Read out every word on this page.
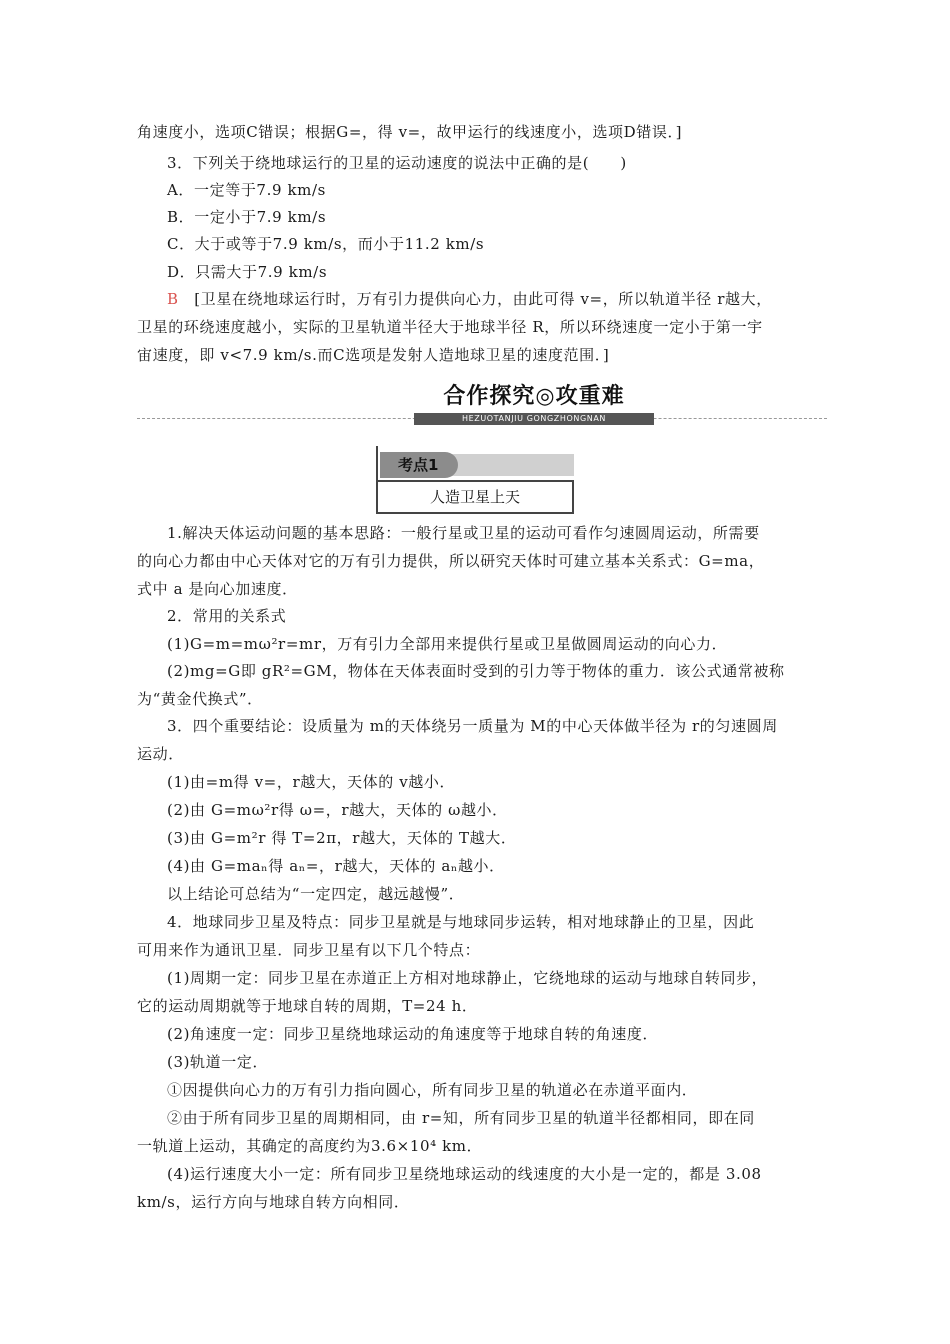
角速度小，选项C错误；根据G=，得 v=，故甲运行的线速度小，选项D错误．]
3．下列关于绕地球运行的卫星的运动速度的说法中正确的是(　　)
A．一定等于7.9 km/s
B．一定小于7.9 km/s
C．大于或等于7.9 km/s，而小于11.2 km/s
D．只需大于7.9 km/s
B　[卫星在绕地球运行时，万有引力提供向心力，由此可得 v=，所以轨道半径 r越大，
卫星的环绕速度越小，实际的卫星轨道半径大于地球半径 R，所以环绕速度一定小于第一宇
宙速度，即 v<7.9 km/s.而C选项是发射人造地球卫星的速度范围．]
合作探究◎攻重难
HEZUOTANJIU GONGZHONGNAN
考点1
人造卫星上天
1.解决天体运动问题的基本思路：一般行星或卫星的运动可看作匀速圆周运动，所需要
的向心力都由中心天体对它的万有引力提供，所以研究天体时可建立基本关系式：G=ma，
式中 a 是向心加速度．
2．常用的关系式
(1)G=m=mω²r=mr，万有引力全部用来提供行星或卫星做圆周运动的向心力．
(2)mg=G即 gR²=GM，物体在天体表面时受到的引力等于物体的重力．该公式通常被称
为“黄金代换式”．
3．四个重要结论：设质量为 m的天体绕另一质量为 M的中心天体做半径为 r的匀速圆周
运动．
(1)由=m得 v=，r越大，天体的 v越小．
(2)由 G=mω²r得 ω=，r越大，天体的 ω越小．
(3)由 G=m²r 得 T=2π，r越大，天体的 T越大．
(4)由 G=maₙ得 aₙ=，r越大，天体的 aₙ越小．
以上结论可总结为“一定四定，越远越慢”．
4．地球同步卫星及特点：同步卫星就是与地球同步运转，相对地球静止的卫星，因此
可用来作为通讯卫星．同步卫星有以下几个特点：
(1)周期一定：同步卫星在赤道正上方相对地球静止，它绕地球的运动与地球自转同步，
它的运动周期就等于地球自转的周期，T=24 h．
(2)角速度一定：同步卫星绕地球运动的角速度等于地球自转的角速度．
(3)轨道一定．
①因提供向心力的万有引力指向圆心，所有同步卫星的轨道必在赤道平面内．
②由于所有同步卫星的周期相同，由 r=知，所有同步卫星的轨道半径都相同，即在同
一轨道上运动，其确定的高度约为3.6×10⁴ km．
(4)运行速度大小一定：所有同步卫星绕地球运动的线速度的大小是一定的，都是 3.08
km/s，运行方向与地球自转方向相同．
